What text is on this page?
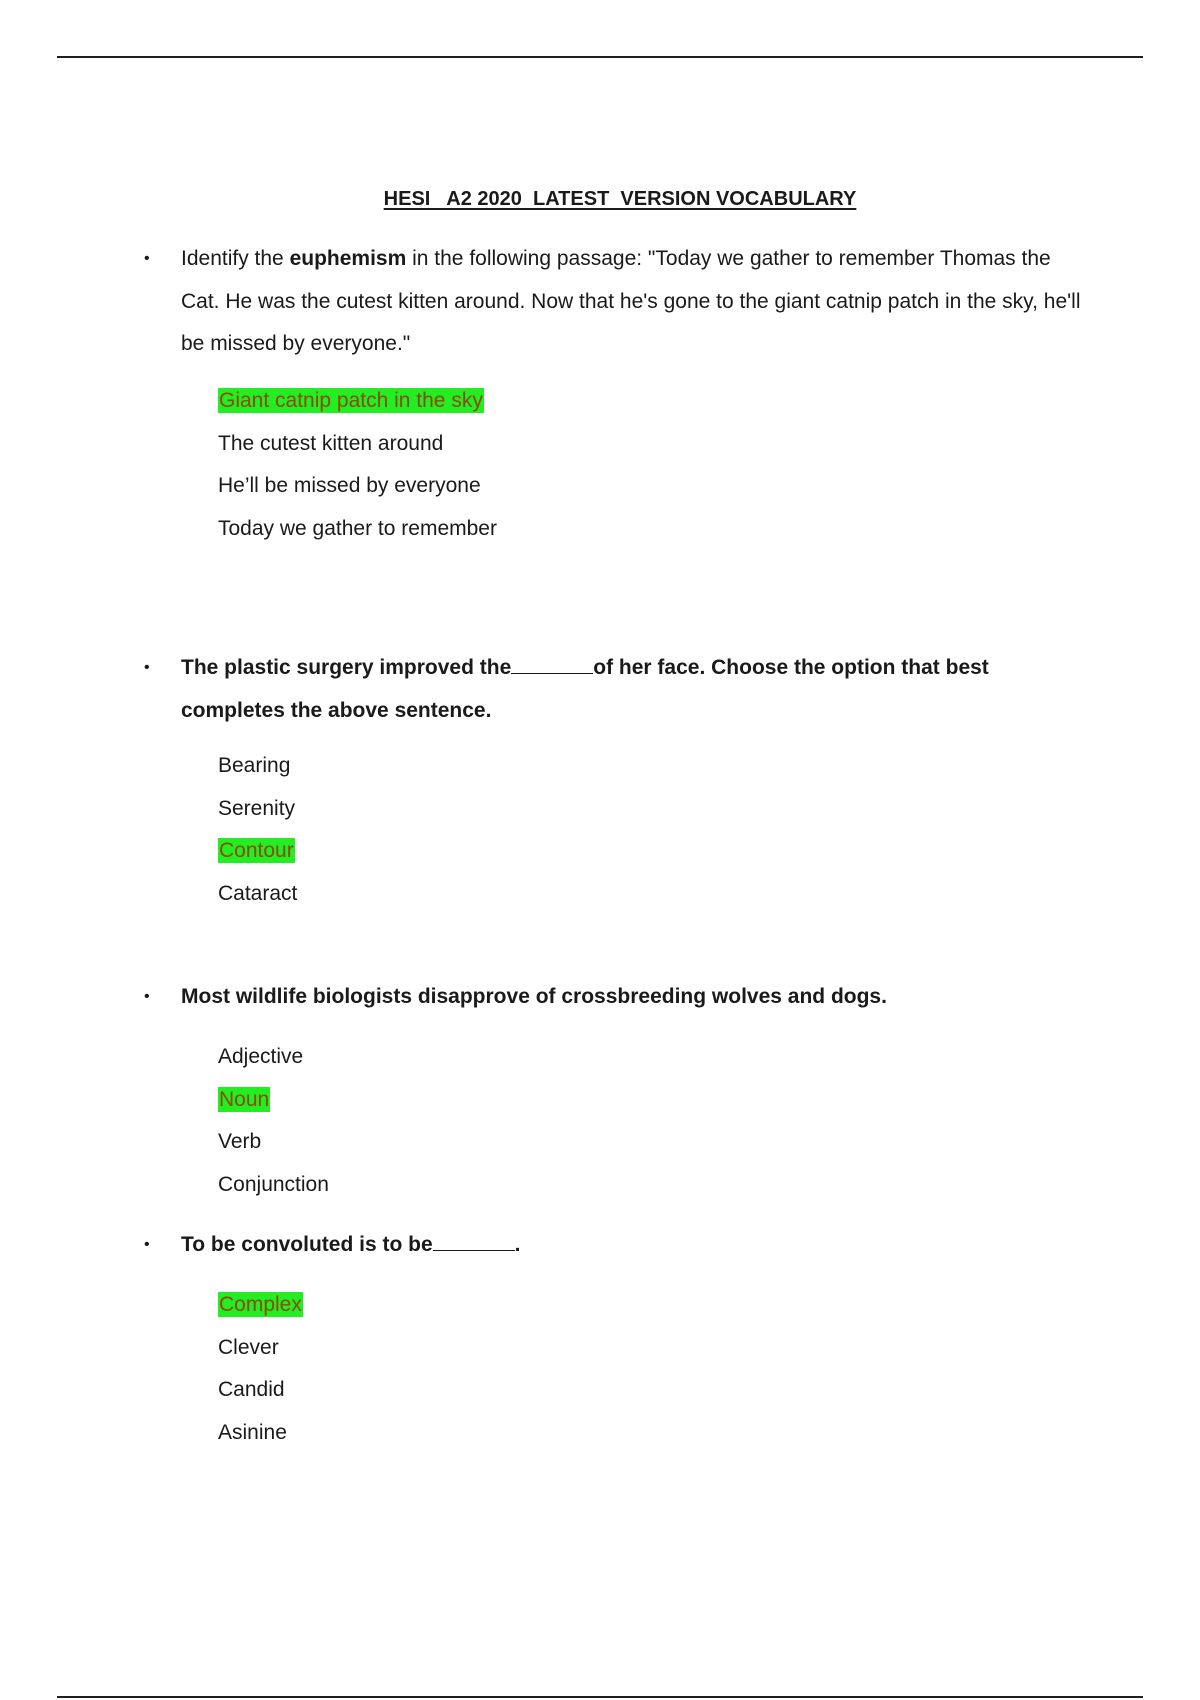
HESI   A2 2020  LATEST  VERSION VOCABULARY
•	Identify the euphemism in the following passage: "Today we gather to remember Thomas the Cat. He was the cutest kitten around. Now that he's gone to the giant catnip patch in the sky, he'll be missed by everyone."
Giant catnip patch in the sky
The cutest kitten around
He’ll be missed by everyone
Today we gather to remember
•	The plastic surgery improved the	of her face. Choose the option that best completes the above sentence.
Bearing
Serenity
Contour
Cataract
•	Most wildlife biologists disapprove of crossbreeding wolves and dogs.
Adjective
Noun
Verb
Conjunction
•	To be convoluted is to be	.
Complex
Clever
Candid
Asinine
